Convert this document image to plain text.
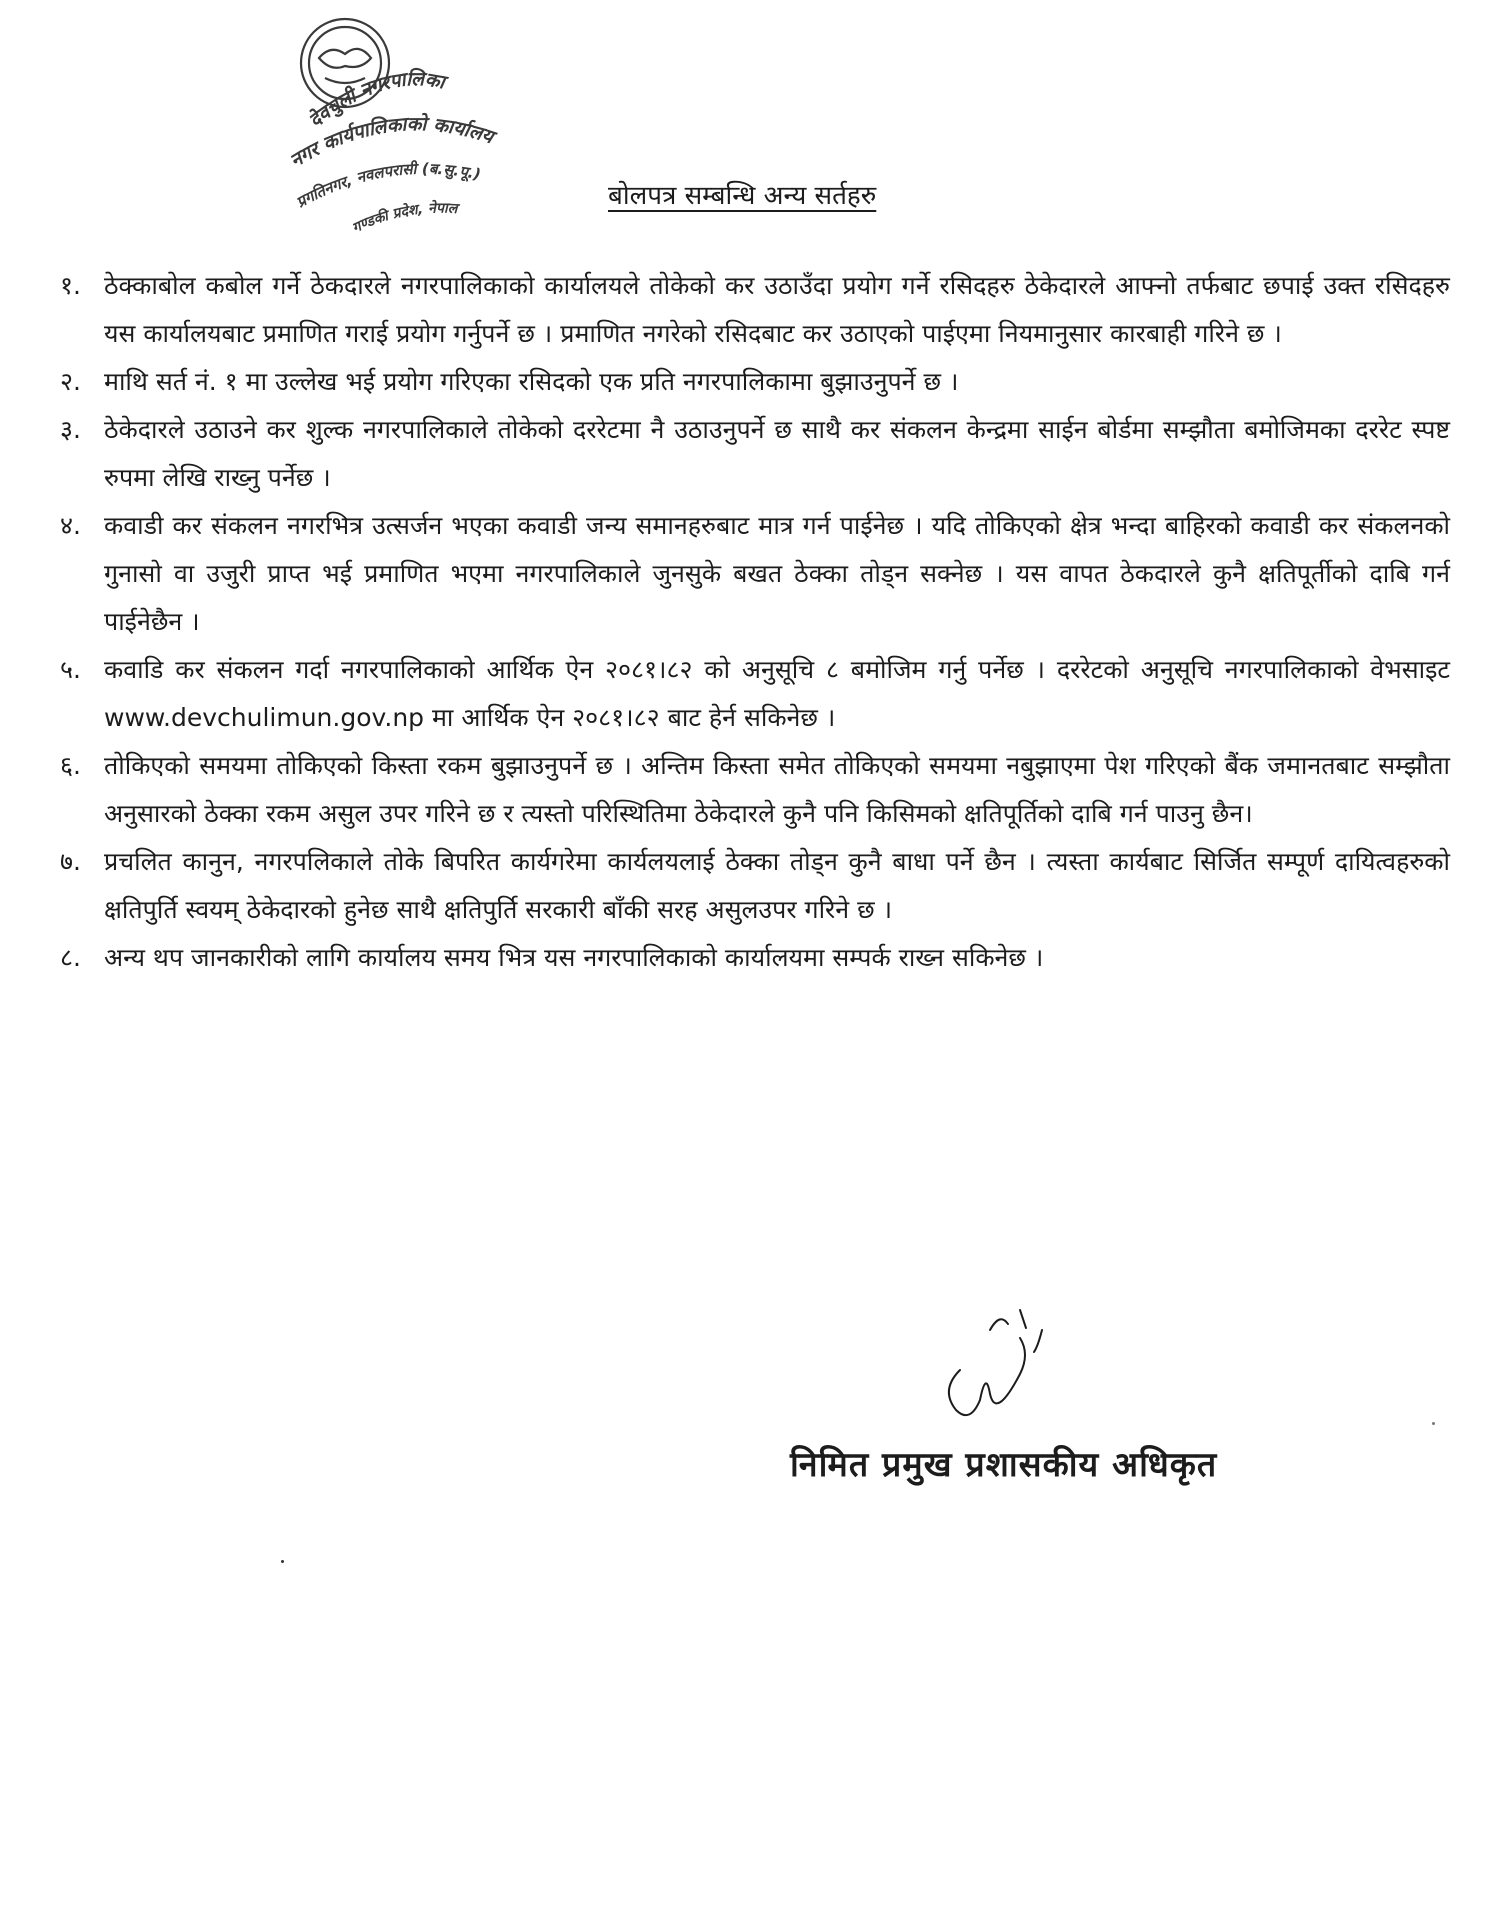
देवचुली नगरपालिका
नगर कार्यपालिकाको कार्यालय
प्रगतिनगर, नवलपरासी (ब.सु.पू.)
गण्डकी प्रदेश, नेपाल	बोलपत्र सम्बन्धि अन्य सर्तहरु
१. ठेक्काबोल कबोल गर्ने ठेकदारले नगरपालिकाको कार्यालयले तोकेको कर उठाउँदा प्रयोग गर्ने रसिदहरु ठेकेदारले आफ्नो तर्फबाट छपाई उक्त रसिदहरु यस कार्यालयबाट प्रमाणित गराई प्रयोग गर्नुपर्ने छ । प्रमाणित नगरेको रसिदबाट कर उठाएको पाईएमा नियमानुसार कारबाही गरिने छ ।
२. माथि सर्त नं. १ मा उल्लेख भई प्रयोग गरिएका रसिदको एक प्रति नगरपालिकामा बुझाउनुपर्ने छ ।
३. ठेकेदारले उठाउने कर शुल्क नगरपालिकाले तोकेको दररेटमा नै उठाउनुपर्ने छ साथै कर संकलन केन्द्रमा साईन बोर्डमा सम्झौता बमोजिमका दररेट स्पष्ट रुपमा लेखि राख्नु पर्नेछ ।
४. कवाडी कर संकलन नगरभित्र उत्सर्जन भएका कवाडी जन्य समानहरुबाट मात्र गर्न पाईनेछ । यदि तोकिएको क्षेत्र भन्दा बाहिरको कवाडी कर संकलनको गुनासो वा उजुरी प्राप्त भई प्रमाणित भएमा नगरपालिकाले जुनसुके बखत ठेक्का तोड्न सक्नेछ । यस वापत ठेकदारले कुनै क्षतिपूर्तीको दाबि गर्न पाईनेछैन ।
५. कवाडि कर संकलन गर्दा नगरपालिकाको आर्थिक ऐन २०८१।८२ को अनुसूचि ८ बमोजिम गर्नु पर्नेछ । दररेटको अनुसूचि नगरपालिकाको वेभसाइट www.devchulimun.gov.np मा आर्थिक ऐन २०८१।८२ बाट हेर्न सकिनेछ ।
६. तोकिएको समयमा तोकिएको किस्ता रकम बुझाउनुपर्ने छ । अन्तिम किस्ता समेत तोकिएको समयमा नबुझाएमा पेश गरिएको बैंक जमानतबाट सम्झौता अनुसारको ठेक्का रकम असुल उपर गरिने छ र त्यस्तो परिस्थितिमा ठेकेदारले कुनै पनि किसिमको क्षतिपूर्तिको दाबि गर्न पाउनु छैन।
७. प्रचलित कानुन, नगरपलिकाले तोके बिपरित कार्यगरेमा कार्यलयलाई ठेक्का तोड्न कुनै बाधा पर्ने छैन । त्यस्ता कार्यबाट सिर्जित सम्पूर्ण दायित्वहरुको क्षतिपुर्ति स्वयम् ठेकेदारको हुनेछ साथै क्षतिपुर्ति सरकारी बाँकी सरह असुलउपर गरिने छ ।
८. अन्य थप जानकारीको लागि कार्यालय समय भित्र यस नगरपालिकाको कार्यालयमा सम्पर्क राख्न सकिनेछ ।
निमित प्रमुख प्रशासकीय अधिकृत
